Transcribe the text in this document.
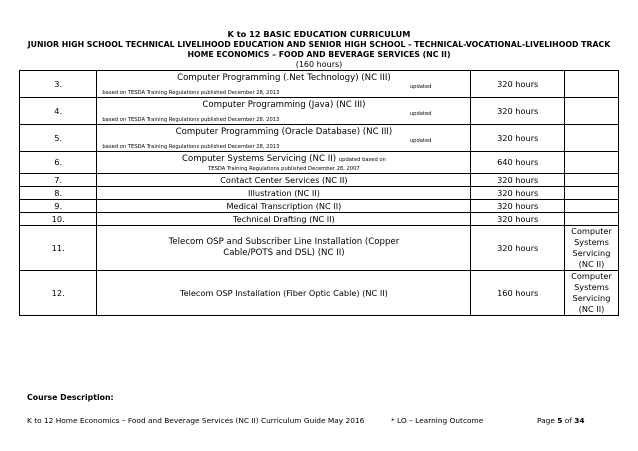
K to 12 BASIC EDUCATION CURRICULUM
JUNIOR HIGH SCHOOL TECHNICAL LIVELIHOOD EDUCATION AND SENIOR HIGH SCHOOL - TECHNICAL-VOCATIONAL-LIVELIHOOD TRACK
HOME ECONOMICS – FOOD AND BEVERAGE SERVICES (NC II)
(160 hours)
3.	Computer Programming (.Net Technology) (NC III)
updated
based on TESDA Training Regulations published December 28, 2013	320 hours	
4.	Computer Programming (Java) (NC III)
updated
based on TESDA Training Regulations published December 28, 2013	320 hours	
5.	Computer Programming (Oracle Database) (NC III)
updated
based on TESDA Training Regulations published December 28, 2013	320 hours	
6.	Computer Systems Servicing (NC II) updated based on
TESDA Training Regulations published December 28, 2007	640 hours	
7.	Contact Center Services (NC II)	320 hours	
8.	Illustration (NC II)	320 hours	
9.	Medical Transcription (NC II)	320 hours	
10.	Technical Drafting (NC II)	320 hours	
11.	Telecom OSP and Subscriber Line Installation (Copper
Cable/POTS and DSL) (NC II)	320 hours	Computer Systems Servicing (NC II)
12.	Telecom OSP Installation (Fiber Optic Cable) (NC II)	160 hours	Computer Systems Servicing (NC II)
Course Description:
K to 12 Home Economics – Food and Beverage Services (NC II) Curriculum Guide May 2016	* LO – Learning Outcome	Page 5 of 34
